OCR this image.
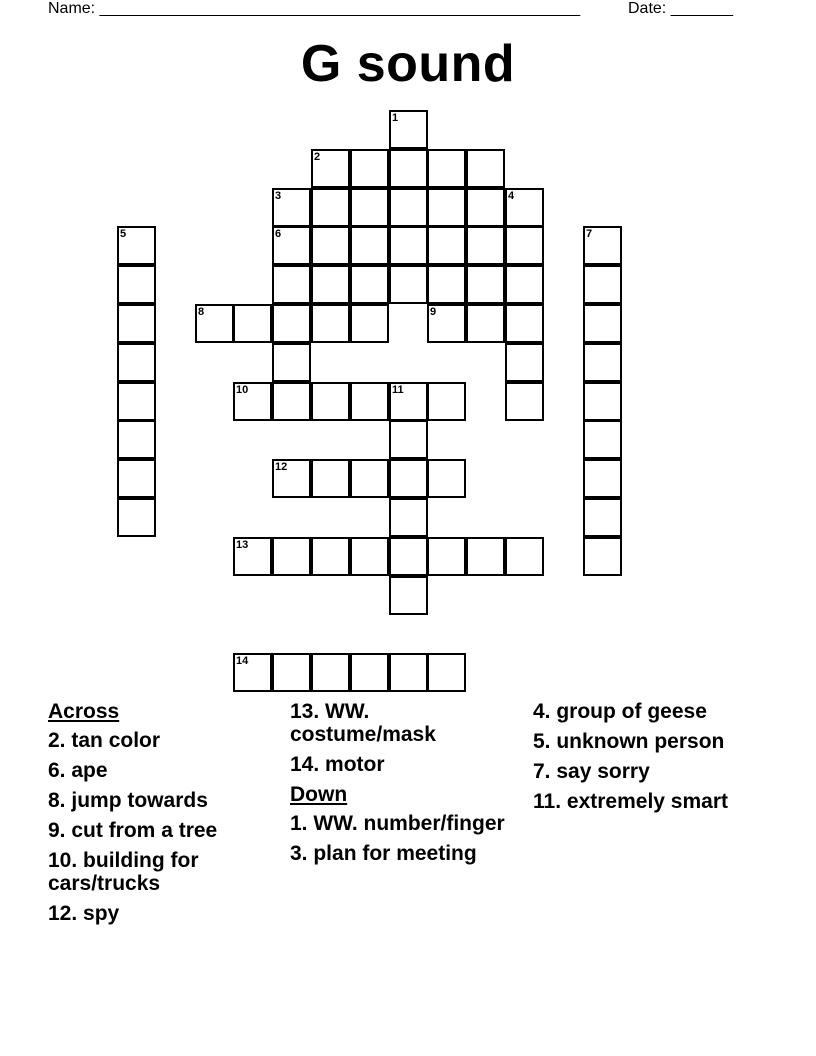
Name: ______________________________________________________	Date: _______
G sound
1
2
3	4
5	6	7
8	9
10	11
12
13
14
Across
2. tan color
6. ape
8. jump towards
9. cut from a tree
10. building for cars/trucks
12. spy
13. WW. costume/mask
14. motor
Down
1. WW. number/finger
3. plan for meeting
4. group of geese
5. unknown person
7. say sorry
11. extremely smart
